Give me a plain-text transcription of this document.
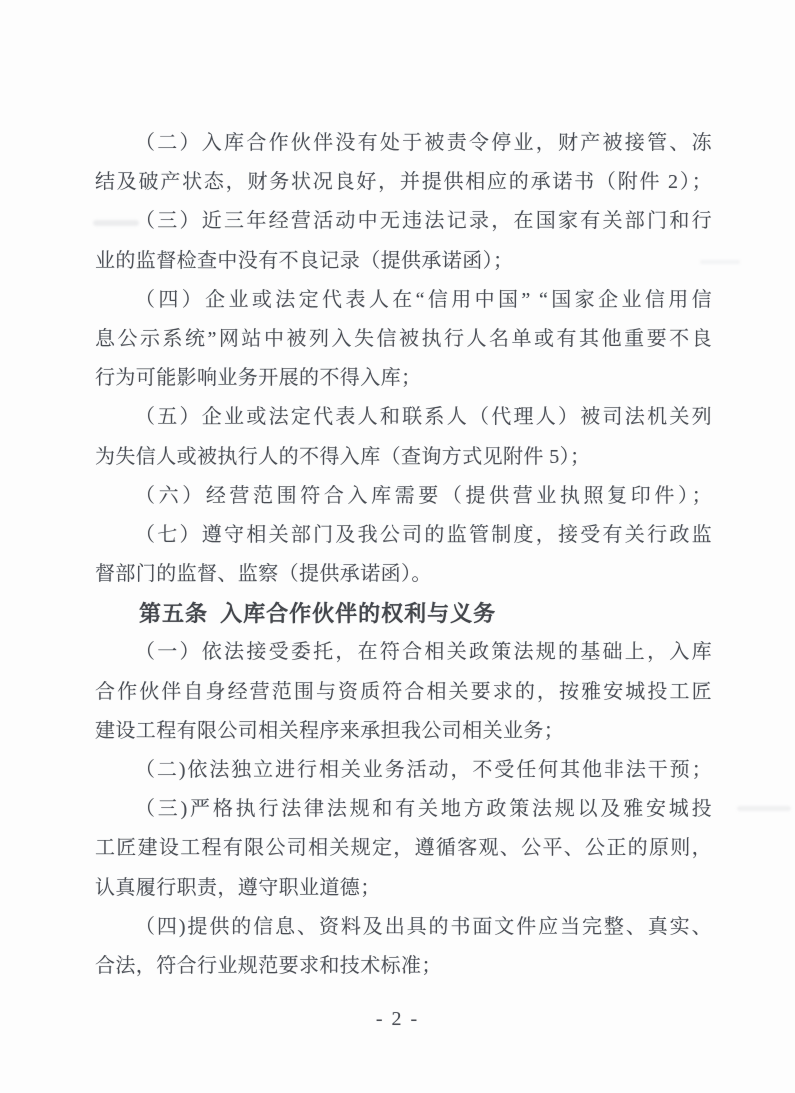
（二）入库合作伙伴没有处于被责令停业，财产被接管、冻
结及破产状态，财务状况良好，并提供相应的承诺书（附件 2）；
（三）近三年经营活动中无违法记录，在国家有关部门和行
业的监督检查中没有不良记录（提供承诺函）；
（四）企业或法定代表人在“信用中国” “国家企业信用信
息公示系统”网站中被列入失信被执行人名单或有其他重要不良
行为可能影响业务开展的不得入库；
（五）企业或法定代表人和联系人（代理人）被司法机关列
为失信人或被执行人的不得入库（查询方式见附件 5）；
（六）经营范围符合入库需要（提供营业执照复印件）；
（七）遵守相关部门及我公司的监管制度，接受有关行政监
督部门的监督、监察（提供承诺函）。
第五条 入库合作伙伴的权利与义务
（一）依法接受委托，在符合相关政策法规的基础上，入库
合作伙伴自身经营范围与资质符合相关要求的，按雅安城投工匠
建设工程有限公司相关程序来承担我公司相关业务；
（二)依法独立进行相关业务活动，不受任何其他非法干预；
（三)严格执行法律法规和有关地方政策法规以及雅安城投
工匠建设工程有限公司相关规定，遵循客观、公平、公正的原则，
认真履行职责，遵守职业道德；
（四)提供的信息、资料及出具的书面文件应当完整、真实、
合法，符合行业规范要求和技术标准；
- 2 -
